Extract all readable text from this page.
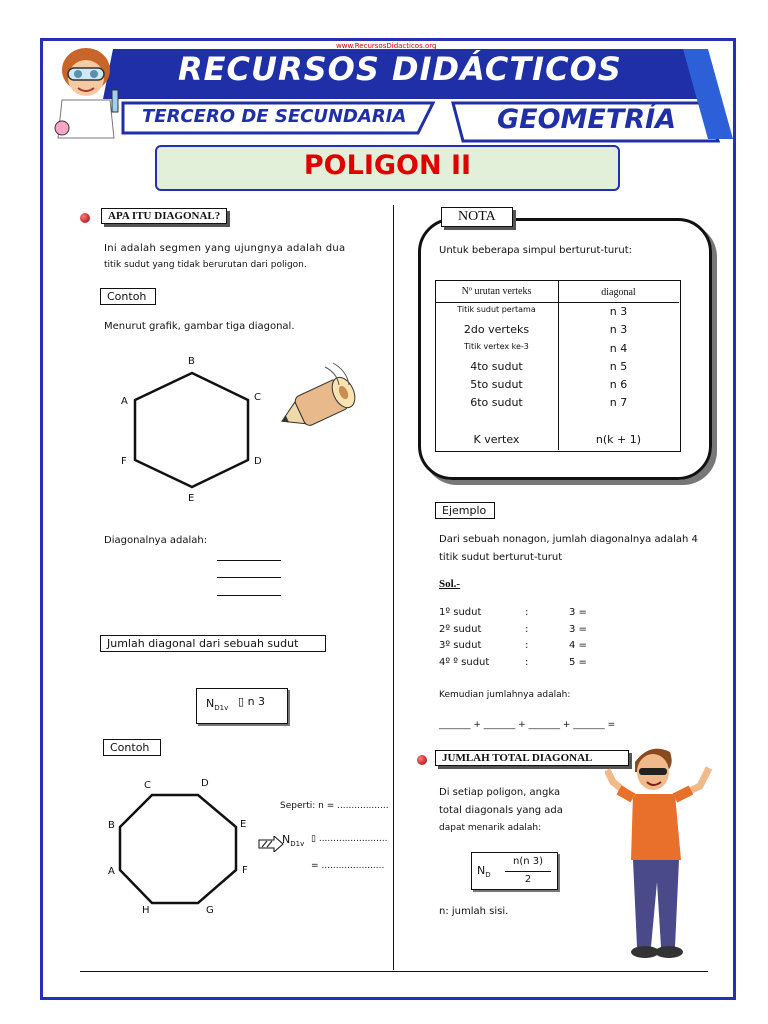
RECURSOS DIDÁCTICOS
www.RecursosDidacticos.org
TERCERO DE SECUNDARIA	GEOMETRÍA
POLIGON II
APA ITU DIAGONAL?
Ini adalah segmen yang ujungnya adalah dua
titik sudut yang tidak berurutan dari poligon.
Contoh
Menurut grafik, gambar tiga diagonal.
B
A	C
F	D
E
Diagonalnya adalah:
Jumlah diagonal dari sebuah sudut
$N_{D1v}$
▯ n 3
Contoh
C	D
B	E
A	F
H	G
Seperti: n = ..................
$N_{D1v}$
▯ ........................
= ......................
NOTA
Untuk beberapa simpul berturut-turut:
Nº urutan verteks	diagonal
Titik sudut pertama	n 3
2do verteks	n 3
Titik vertex ke-3	n 4
4to sudut	n 5
5to sudut	n 6
6to sudut	n 7
K vertex	n(k + 1)
Ejemplo
Dari sebuah nonagon, jumlah diagonalnya adalah 4
titik sudut berturut-turut
Sol.-
1º sudut	:	3 =
2º sudut	:	3 =
3º sudut	:	4 =
4º º sudut	:	5 =
Kemudian jumlahnya adalah:
_______ + _______ + _______ + _______ =
JUMLAH TOTAL DIAGONAL
Di setiap poligon, angka
total diagonals yang ada
dapat menarik adalah:
$N_D$
n(n 3)
2
n: jumlah sisi.
